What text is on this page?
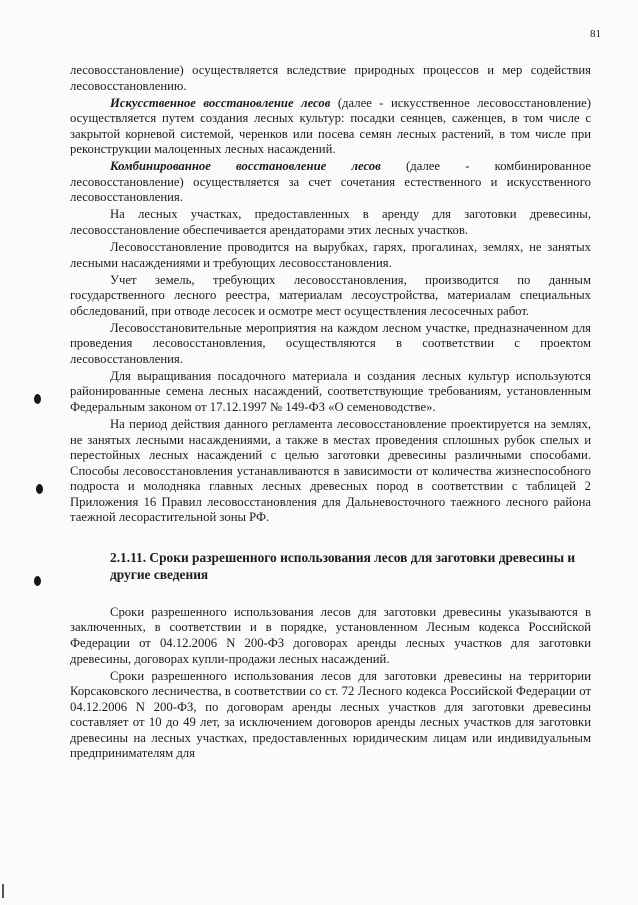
81

лесовосстановление) осуществляется вследствие природных процессов и мер содействия лесовосстановлению.

Искусственное восстановление лесов (далее - искусственное лесовосстановление) осуществляется путем создания лесных культур: посадки сеянцев, саженцев, в том числе с закрытой корневой системой, черенков или посева семян лесных растений, в том числе при реконструкции малоценных лесных насаждений.

Комбинированное восстановление лесов (далее - комбинированное лесовосстановление) осуществляется за счет сочетания естественного и искусственного лесовосстановления.

На лесных участках, предоставленных в аренду для заготовки древесины, лесовосстановление обеспечивается арендаторами этих лесных участков.

Лесовосстановление проводится на вырубках, гарях, прогалинах, землях, не занятых лесными насаждениями и требующих лесовосстановления.

Учет земель, требующих лесовосстановления, производится по данным государственного лесного реестра, материалам лесоустройства, материалам специальных обследований, при отводе лесосек и осмотре мест осуществления лесосечных работ.

Лесовосстановительные мероприятия на каждом лесном участке, предназначенном для проведения лесовосстановления, осуществляются в соответствии с проектом лесовосстановления.

Для выращивания посадочного материала и создания лесных культур используются районированные семена лесных насаждений, соответствующие требованиям, установленным Федеральным законом от 17.12.1997 № 149-ФЗ «О семеноводстве».

На период действия данного регламента лесовосстановление проектируется на землях, не занятых лесными насаждениями, а также в местах проведения сплошных рубок спелых и перестойных лесных насаждений с целью заготовки древесины различными способами. Способы лесовосстановления устанавливаются в зависимости от количества жизнеспособного подроста и молодняка главных лесных древесных пород в соответствии с таблицей 2 Приложения 16 Правил лесовосстановления для Дальневосточного таежного лесного района таежной лесорастительной зоны РФ.

2.1.11. Сроки разрешенного использования лесов для заготовки древесины и другие сведения

Сроки разрешенного использования лесов для заготовки древесины указываются в заключенных, в соответствии и в порядке, установленном Лесным кодекса Российской Федерации от 04.12.2006 N 200-ФЗ договорах аренды лесных участков для заготовки древесины, договорах купли-продажи лесных насаждений.

Сроки разрешенного использования лесов для заготовки древесины на территории Корсаковского лесничества, в соответствии со ст. 72 Лесного кодекса Российской Федерации от 04.12.2006 N 200-ФЗ, по договорам аренды лесных участков для заготовки древесины составляет от 10 до 49 лет, за исключением договоров аренды лесных участков для заготовки древесины на лесных участках, предоставленных юридическим лицам или индивидуальным предпринимателям для
